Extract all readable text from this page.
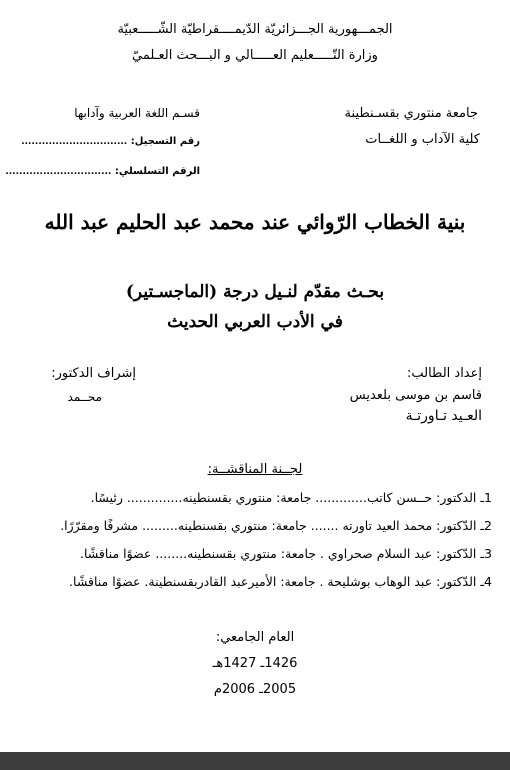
الجمـــهورية الجـــزائريّة الدّيمــــقراطيّة الشّـــــعبيّة
وزارة التّـــــعليم العـــــالي و البـــحث العـلميّ
جامعة منتوري بقسـنطينة
كلية الآداب و اللغــات
قسـم اللغة العربية وآدابها
رقم التسجيل: ...............................
الرقم التسلسلي: ...............................
بنية الخطاب الرّوائي عند محمد عبد الحليم عبد الله
بحـث مقدّم لنـيل درجة (الماجسـتير)
في الأدب العربي الحديث
إعداد الطالب:
إشراف الدكتور:
قاسم بن موسى بلعديس
العـيد تـاورتـة
محــمد
لجــنة المناقشــة:
1ـ الدكتور: حــسن كاتب............. جامعة: منتوري بقسنطينه.............. رئيسًا.
2ـ الدّكتور: محمد العيد تاورته ....... جامعة: منتوري بقسنطينه......... مشرفًا ومقرّرًا.
3ـ الدّكتور: عبد السلام صحراوي . جامعة: منتوري بقسنطينه........ عضوًا مناقشًا.
4ـ الدّكتور: عبد الوهاب بوشليحة . جامعة: الأميرعبد القادربقسنطينة. عضوًا مناقشًا.
العام الجامعي:
1426ـ 1427هـ
2005ـ 2006م
